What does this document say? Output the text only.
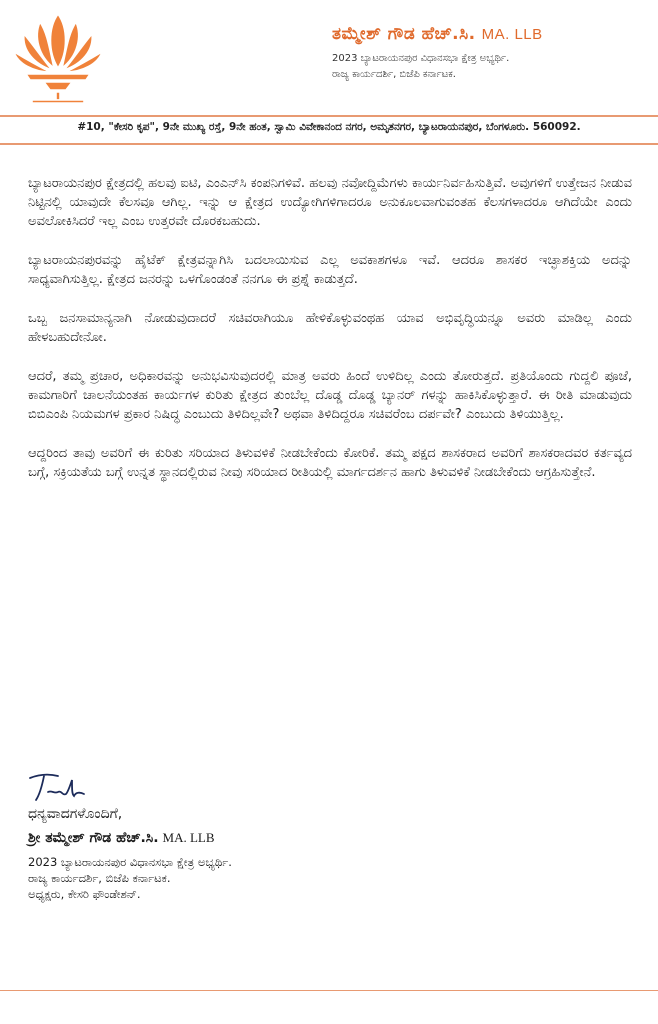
ತಮ್ಮೇಶ್ ಗೌಡ ಹೆಚ್.ಸಿ. MA. LLB
2023 ಬ್ಯಾಟರಾಯನಪುರ ವಿಧಾನಸಭಾ ಕ್ಷೇತ್ರ ಅಭ್ಯರ್ಥಿ.
ರಾಜ್ಯ ಕಾರ್ಯದರ್ಶಿ, ಬಿಜೆಪಿ ಕರ್ನಾಟಕ.
#10, "ಕೇಸರಿ ಕೃಪ", 9ನೇ ಮುಖ್ಯ ರಸ್ತೆ, 9ನೇ ಹಂತ, ಸ್ವಾಮಿ ವಿವೇಕಾನಂದ ನಗರ, ಅಮೃತನಗರ, ಬ್ಯಾಟರಾಯನಪುರ, ಬೆಂಗಳೂರು. 560092.

ಬ್ಯಾಟರಾಯನಪುರ ಕ್ಷೇತ್ರದಲ್ಲಿ ಹಲವು ಐಟಿ, ಎಂಎನ್‌ಸಿ ಕಂಪನಿಗಳಿವೆ. ಹಲವು ನವೋದ್ದಿಮೆಗಳು ಕಾರ್ಯನಿರ್ವಹಿಸುತ್ತಿವೆ. ಅವುಗಳಿಗೆ ಉತ್ತೇಜನ ನೀಡುವ ನಿಟ್ಟಿನಲ್ಲಿ ಯಾವುದೇ ಕೆಲಸವೂ ಆಗಿಲ್ಲ. ಇನ್ನು ಆ ಕ್ಷೇತ್ರದ ಉದ್ಯೋಗಿಗಳಿಗಾದರೂ ಅನುಕೂಲವಾಗುವಂತಹ ಕೆಲಸಗಳಾದರೂ ಆಗಿದೆಯೇ ಎಂದು ಅವಲೋಕಿಸಿದರೆ ಇಲ್ಲ ಎಂಬ ಉತ್ತರವೇ ದೊರಕಬಹುದು.

ಬ್ಯಾಟರಾಯನಪುರವನ್ನು ಹೈಟೆಕ್ ಕ್ಷೇತ್ರವನ್ನಾಗಿಸಿ ಬದಲಾಯಿಸುವ ಎಲ್ಲ ಅವಕಾಶಗಳೂ ಇವೆ. ಆದರೂ ಶಾಸಕರ ಇಚ್ಛಾಶಕ್ತಿಯ ಅದನ್ನು ಸಾಧ್ಯವಾಗಿಸುತ್ತಿಲ್ಲ. ಕ್ಷೇತ್ರದ ಜನರನ್ನು ಒಳಗೊಂಡಂತೆ ನನಗೂ ಈ ಪ್ರಶ್ನೆ ಕಾಡುತ್ತದೆ.

ಒಬ್ಬ ಜನಸಾಮಾನ್ಯನಾಗಿ ನೋಡುವುದಾದರೆ ಸಚಿವರಾಗಿಯೂ ಹೇಳಿಕೊಳ್ಳುವಂಥಹ ಯಾವ ಅಭಿವೃದ್ಧಿಯನ್ನೂ ಅವರು ಮಾಡಿಲ್ಲ ಎಂದು ಹೇಳಬಹುದೇನೋ.

ಆದರೆ, ತಮ್ಮ ಪ್ರಚಾರ, ಅಧಿಕಾರವನ್ನು ಅನುಭವಿಸುವುದರಲ್ಲಿ ಮಾತ್ರ ಅವರು ಹಿಂದೆ ಉಳಿದಿಲ್ಲ ಎಂದು ತೋರುತ್ತದೆ. ಪ್ರತಿಯೊಂದು ಗುದ್ದಲಿ ಪೂಜೆ, ಕಾಮಗಾರಿಗೆ ಚಾಲನೆಯಂತಹ ಕಾರ್ಯಗಳ ಕುರಿತು ಕ್ಷೇತ್ರದ ತುಂಬೆಲ್ಲ ದೊಡ್ಡ ದೊಡ್ಡ ಬ್ಯಾನರ್ ಗಳನ್ನು ಹಾಕಿಸಿಕೊಳ್ಳುತ್ತಾರೆ. ಈ ರೀತಿ ಮಾಡುವುದು ಬಿಬಿಎಂಪಿ ನಿಯಮಗಳ ಪ್ರಕಾರ ನಿಷಿದ್ಧ ಎಂಬುದು ತಿಳಿದಿಲ್ಲವೇ? ಅಥವಾ ತಿಳಿದಿದ್ದರೂ ಸಚಿವರೆಂಬ ದರ್ಪವೇ? ಎಂಬುದು ತಿಳಿಯುತ್ತಿಲ್ಲ.

ಆದ್ದರಿಂದ ತಾವು ಅವರಿಗೆ ಈ ಕುರಿತು ಸರಿಯಾದ ತಿಳುವಳಿಕೆ ನೀಡಬೇಕೆಂದು ಕೋರಿಕೆ. ತಮ್ಮ ಪಕ್ಷದ ಶಾಸಕರಾದ ಅವರಿಗೆ ಶಾಸಕರಾದವರ ಕರ್ತವ್ಯದ ಬಗ್ಗೆ, ಸಕ್ರಿಯತೆಯ ಬಗ್ಗೆ ಉನ್ನತ ಸ್ಥಾನದಲ್ಲಿರುವ ನೀವು ಸರಿಯಾದ ರೀತಿಯಲ್ಲಿ ಮಾರ್ಗದರ್ಶನ ಹಾಗು ತಿಳುವಳಿಕೆ ನೀಡಬೇಕೆಂದು ಆಗ್ರಹಿಸುತ್ತೇನೆ.

ಧನ್ಯವಾದಗಳೊಂದಿಗೆ,
ಶ್ರೀ ತಮ್ಮೇಶ್ ಗೌಡ ಹೆಚ್.ಸಿ. MA. LLB
2023 ಬ್ಯಾಟರಾಯನಪುರ ವಿಧಾನಸಭಾ ಕ್ಷೇತ್ರ ಅಭ್ಯರ್ಥಿ.
ರಾಜ್ಯ ಕಾರ್ಯದರ್ಶಿ, ಬಿಜೆಪಿ ಕರ್ನಾಟಕ.
ಅಧ್ಯಕ್ಷರು, ಕೇಸರಿ ಫೌಂಡೇಶನ್.
